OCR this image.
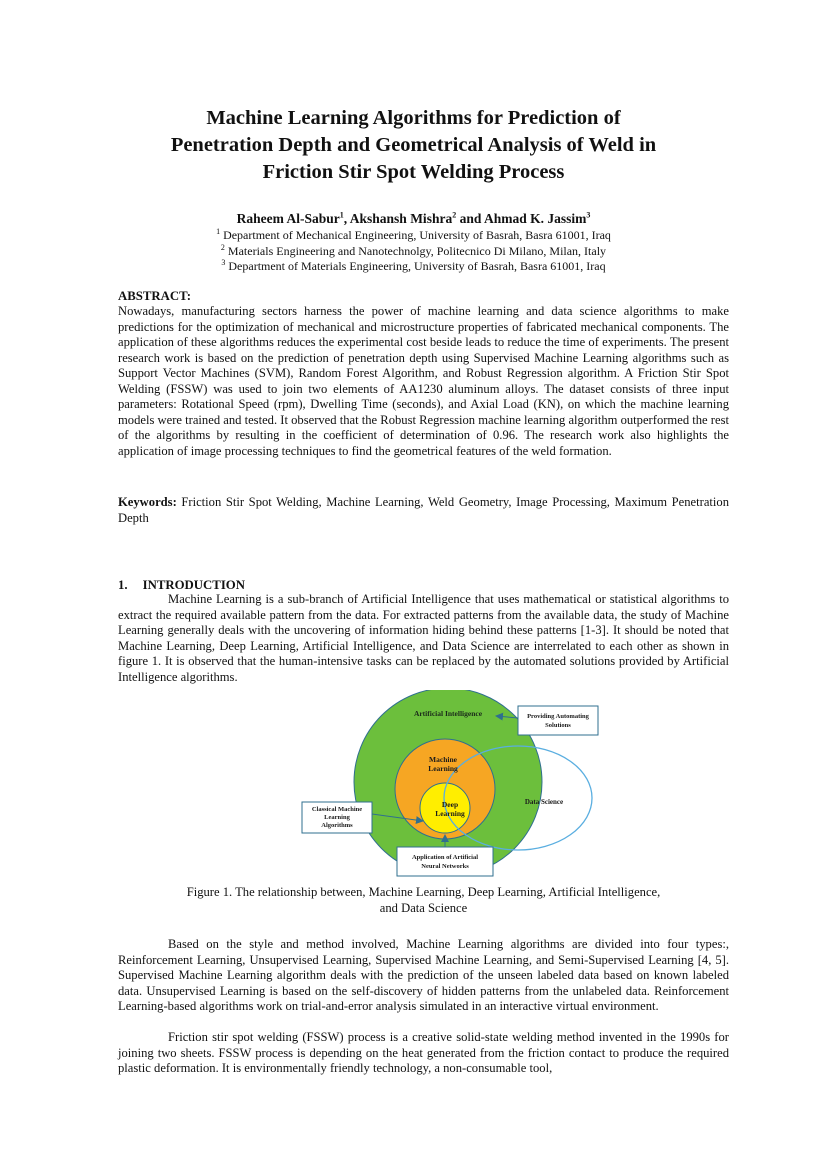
Machine Learning Algorithms for Prediction of
Penetration Depth and Geometrical Analysis of Weld in
Friction Stir Spot Welding Process

Raheem Al-Sabur$^1$, Akshansh Mishra$^2$ and Ahmad K. Jassim$^3$

$^1$ Department of Mechanical Engineering, University of Basrah, Basra 61001, Iraq
$^2$ Materials Engineering and Nanotechnolgy, Politecnico Di Milano, Milan, Italy
$^3$ Department of Materials Engineering, University of Basrah, Basra 61001, Iraq
ABSTRACT:

Nowadays, manufacturing sectors harness the power of machine learning and data science algorithms to make predictions for the optimization of mechanical and microstructure properties of fabricated mechanical components. The application of these algorithms reduces the experimental cost beside leads to reduce the time of experiments. The present research work is based on the prediction of penetration depth using Supervised Machine Learning algorithms such as Support Vector Machines (SVM), Random Forest Algorithm, and Robust Regression algorithm. A Friction Stir Spot Welding (FSSW) was used to join two elements of AA1230 aluminum alloys. The dataset consists of three input parameters: Rotational Speed (rpm), Dwelling Time (seconds), and Axial Load (KN), on which the machine learning models were trained and tested. It observed that the Robust Regression machine learning algorithm outperformed the rest of the algorithms by resulting in the coefficient of determination of 0.96. The research work also highlights the application of image processing techniques to find the geometrical features of the weld formation.

Keywords: Friction Stir Spot Welding, Machine Learning, Weld Geometry, Image Processing, Maximum Penetration Depth

1. INTRODUCTION

Machine Learning is a sub-branch of Artificial Intelligence that uses mathematical or statistical algorithms to extract the required available pattern from the data. For extracted patterns from the available data, the study of Machine Learning generally deals with the uncovering of information hiding behind these patterns [1-3]. It should be noted that Machine Learning, Deep Learning, Artificial Intelligence, and Data Science are interrelated to each other as shown in figure 1. It is observed that the human-intensive tasks can be replaced by the automated solutions provided by Artificial Intelligence algorithms.

Artificial Intelligence
Machine
Learning
Deep
Learning
Data Science
Providing Automating
Solutions
Classical Machine
Learning
Algorithms
Application of Artificial
Neural Networks
Figure 1. The relationship between, Machine Learning, Deep Learning, Artificial Intelligence,
and Data Science

Based on the style and method involved, Machine Learning algorithms are divided into four types:, Reinforcement Learning, Unsupervised Learning, Supervised Machine Learning, and Semi-Supervised Learning [4, 5]. Supervised Machine Learning algorithm deals with the prediction of the unseen labeled data based on known labeled data. Unsupervised Learning is based on the self-discovery of hidden patterns from the unlabeled data. Reinforcement Learning-based algorithms work on trial-and-error analysis simulated in an interactive virtual environment.

Friction stir spot welding (FSSW) process is a creative solid-state welding method invented in the 1990s for joining two sheets. FSSW process is depending on the heat generated from the friction contact to produce the required plastic deformation. It is environmentally friendly technology, a non-consumable tool,
